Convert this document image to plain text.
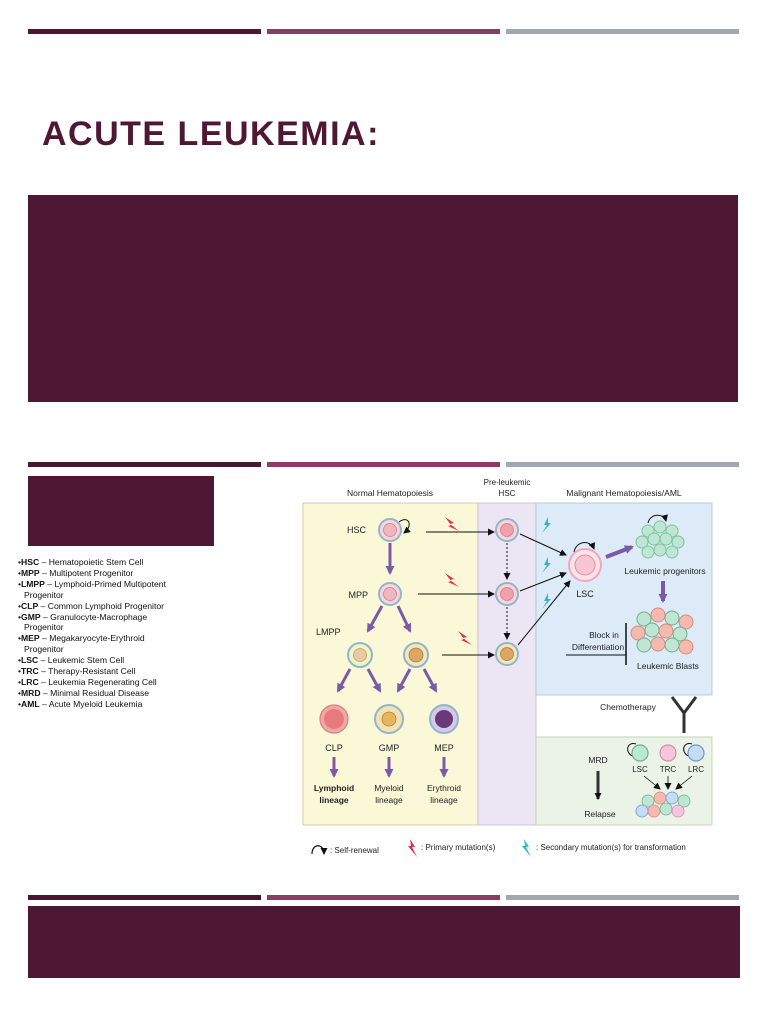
ACUTE LEUKEMIA:
•HSC – Hematopoietic Stem Cell
•MPP – Multipotent Progenitor
•LMPP – Lymphoid-Primed Multipotent
Progenitor
•CLP – Common Lymphoid Progenitor
•GMP – Granulocyte-Macrophage
Progenitor
•MEP – Megakaryocyte-Erythroid
Progenitor
•LSC – Leukemic Stem Cell
•TRC – Therapy-Resistant Cell
•LRC – Leukemia Regenerating Cell
•MRD – Minimal Residual Disease
•AML – Acute Myeloid Leukemia
Normal Hematopoiesis
Pre-leukemic
HSC	Malignant Hematopoiesis/AML
HSC
MPP
LMPP
CLP	GMP	MEP
Lymphoid
lineage
Myeloid
lineage
Erythroid
lineage
LSC
Leukemic progenitors
Block in
Differentiation
Leukemic Blasts
Chemotherapy
MRD
Relapse
LSC TRC LRC
: Self-renewal	: Primary mutation(s)	: Secondary mutation(s) for transformation
